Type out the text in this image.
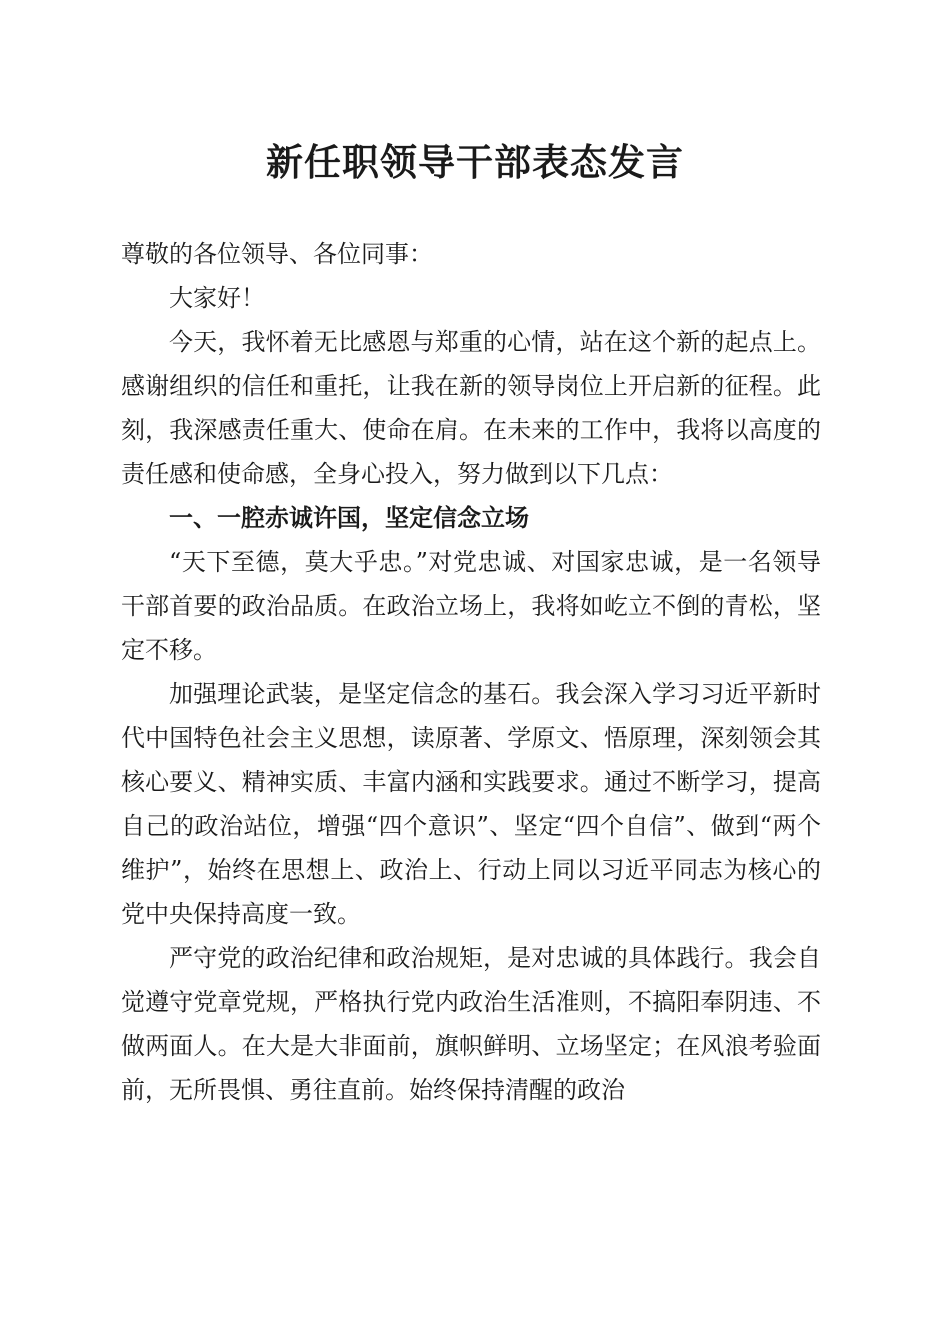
新任职领导干部表态发言

尊敬的各位领导、各位同事：

大家好！

今天，我怀着无比感恩与郑重的心情，站在这个新的起点上。感谢组织的信任和重托，让我在新的领导岗位上开启新的征程。此刻，我深感责任重大、使命在肩。在未来的工作中，我将以高度的责任感和使命感，全身心投入，努力做到以下几点：

一、一腔赤诚许国，坚定信念立场

“天下至德，莫大乎忠。”对党忠诚、对国家忠诚，是一名领导干部首要的政治品质。在政治立场上，我将如屹立不倒的青松，坚定不移。

加强理论武装，是坚定信念的基石。我会深入学习习近平新时代中国特色社会主义思想，读原著、学原文、悟原理，深刻领会其核心要义、精神实质、丰富内涵和实践要求。通过不断学习，提高自己的政治站位，增强“四个意识”、坚定“四个自信”、做到“两个维护”，始终在思想上、政治上、行动上同以习近平同志为核心的党中央保持高度一致。

严守党的政治纪律和政治规矩，是对忠诚的具体践行。我会自觉遵守党章党规，严格执行党内政治生活准则，不搞阳奉阴违、不做两面人。在大是大非面前，旗帜鲜明、立场坚定；在风浪考验面前，无所畏惧、勇往直前。始终保持清醒的政治
